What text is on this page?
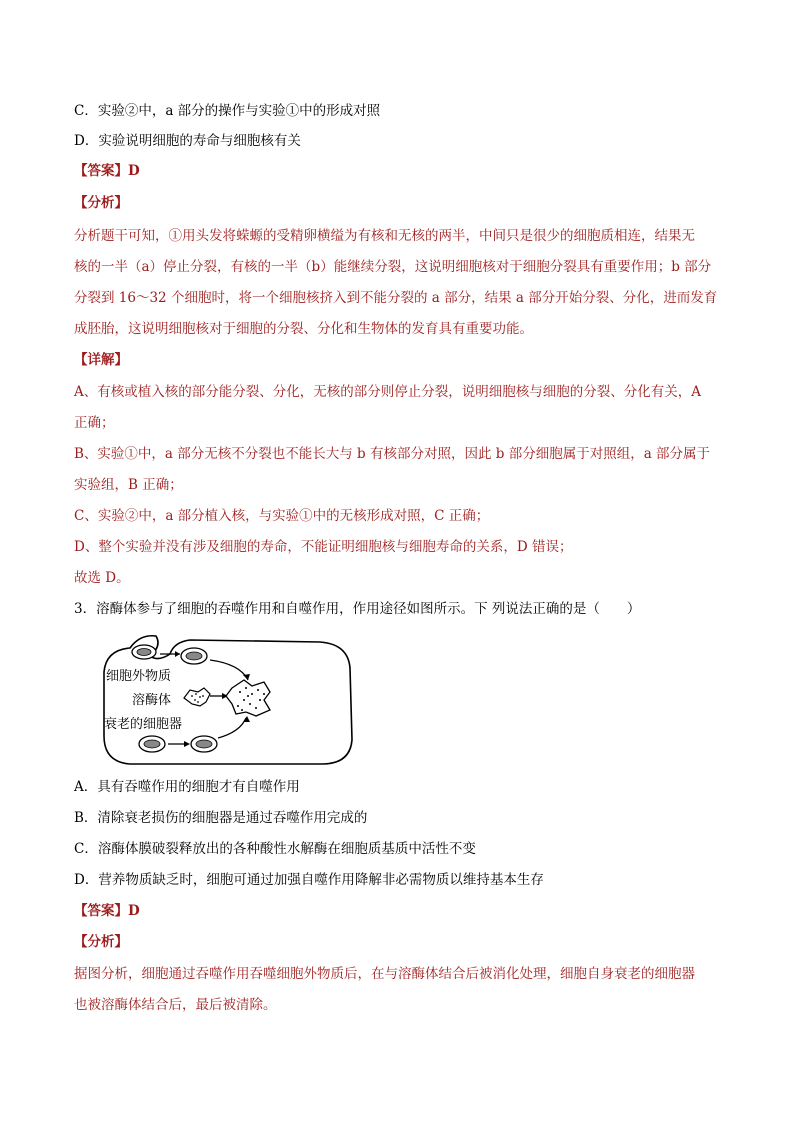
C．实验②中，a 部分的操作与实验①中的形成对照
D．实验说明细胞的寿命与细胞核有关
【答案】D
【分析】
分析题干可知，①用头发将蝾螈的受精卵横缢为有核和无核的两半，中间只是很少的细胞质相连，结果无
核的一半（a）停止分裂，有核的一半（b）能继续分裂，这说明细胞核对于细胞分裂具有重要作用；b 部分
分裂到 16～32 个细胞时，将一个细胞核挤入到不能分裂的 a 部分，结果 a 部分开始分裂、分化，进而发育
成胚胎，这说明细胞核对于细胞的分裂、分化和生物体的发育具有重要功能。
【详解】
A、有核或植入核的部分能分裂、分化，无核的部分则停止分裂，说明细胞核与细胞的分裂、分化有关，A
正确；
B、实验①中，a 部分无核不分裂也不能长大与 b 有核部分对照，因此 b 部分细胞属于对照组，a 部分属于
实验组，B 正确；
C、实验②中，a 部分植入核，与实验①中的无核形成对照，C 正确；
D、整个实验并没有涉及细胞的寿命，不能证明细胞核与细胞寿命的关系，D 错误；
故选 D。
3．溶酶体参与了细胞的吞噬作用和自噬作用，作用途径如图所示。下 列说法正确的是（　　）
细胞外物质
溶酶体
衰老的细胞器
A．具有吞噬作用的细胞才有自噬作用
B．清除衰老损伤的细胞器是通过吞噬作用完成的
C．溶酶体膜破裂释放出的各种酸性水解酶在细胞质基质中活性不变
D．营养物质缺乏时，细胞可通过加强自噬作用降解非必需物质以维持基本生存
【答案】D
【分析】
据图分析，细胞通过吞噬作用吞噬细胞外物质后，在与溶酶体结合后被消化处理，细胞自身衰老的细胞器
也被溶酶体结合后，最后被清除。
